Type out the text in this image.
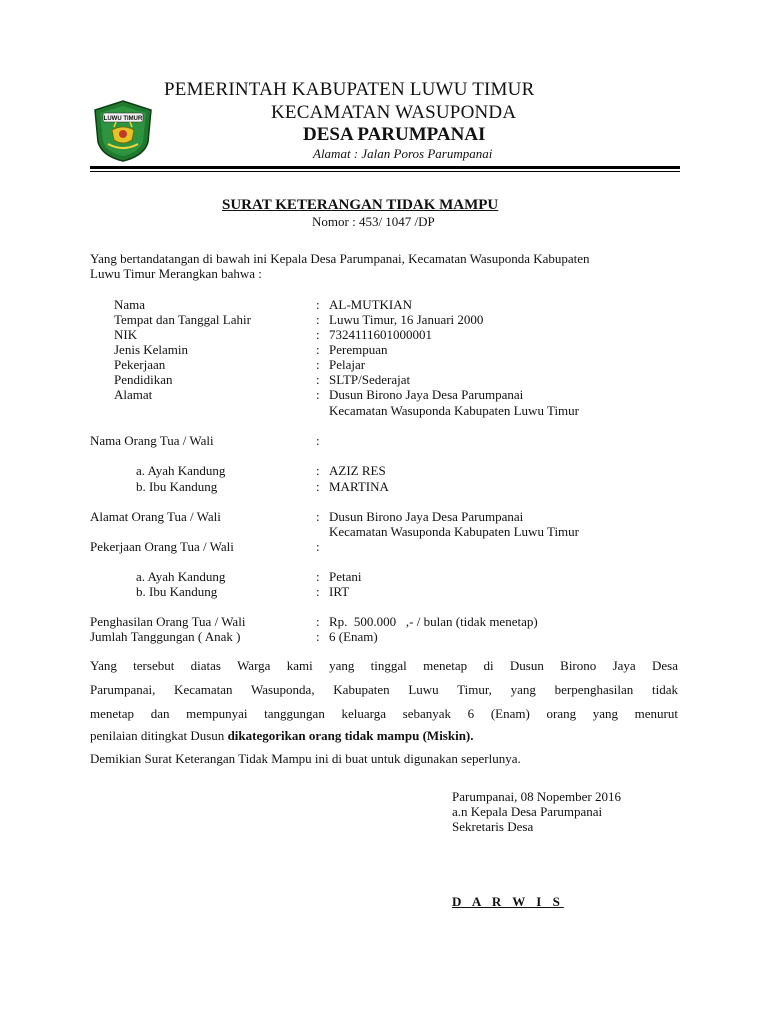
LUWU TIMUR
PEMERINTAH KABUPATEN LUWU TIMUR
KECAMATAN WASUPONDA
DESA PARUMPANAI
Alamat : Jalan Poros Parumpanai
SURAT KETERANGAN TIDAK MAMPU
Nomor : 453/ 1047 /DP
Yang bertandatangan di bawah ini Kepala Desa Parumpanai, Kecamatan Wasuponda Kabupaten
Luwu Timur Merangkan bahwa :
Nama	: AL-MUTKIAN
Tempat dan Tanggal Lahir	: Luwu Timur, 16 Januari 2000
NIK	: 7324111601000001
Jenis Kelamin	: Perempuan
Pekerjaan	: Pelajar
Pendidikan	: SLTP/Sederajat
Alamat	: Dusun Birono Jaya Desa Parumpanai
Kecamatan Wasuponda Kabupaten Luwu Timur
Nama Orang Tua / Wali	:
a. Ayah Kandung	: AZIZ RES
b. Ibu Kandung	: MARTINA
Alamat Orang Tua / Wali	: Dusun Birono Jaya Desa Parumpanai
Kecamatan Wasuponda Kabupaten Luwu Timur
Pekerjaan Orang Tua / Wali	:
a. Ayah Kandung	: Petani
b. Ibu Kandung	: IRT
Penghasilan Orang Tua / Wali	: Rp.  500.000   ,- / bulan (tidak menetap)
Jumlah Tanggungan ( Anak )	: 6 (Enam)
Yang tersebut diatas Warga kami yang tinggal menetap di Dusun Birono Jaya Desa
Parumpanai, Kecamatan Wasuponda, Kabupaten Luwu Timur, yang berpenghasilan tidak
menetap dan mempunyai tanggungan keluarga sebanyak 6 (Enam) orang yang menurut
penilaian ditingkat Dusun dikategorikan orang tidak mampu (Miskin).
Demikian Surat Keterangan Tidak Mampu ini di buat untuk digunakan seperlunya.
Parumpanai, 08 Nopember 2016
a.n Kepala Desa Parumpanai
Sekretaris Desa
D A R W I S
